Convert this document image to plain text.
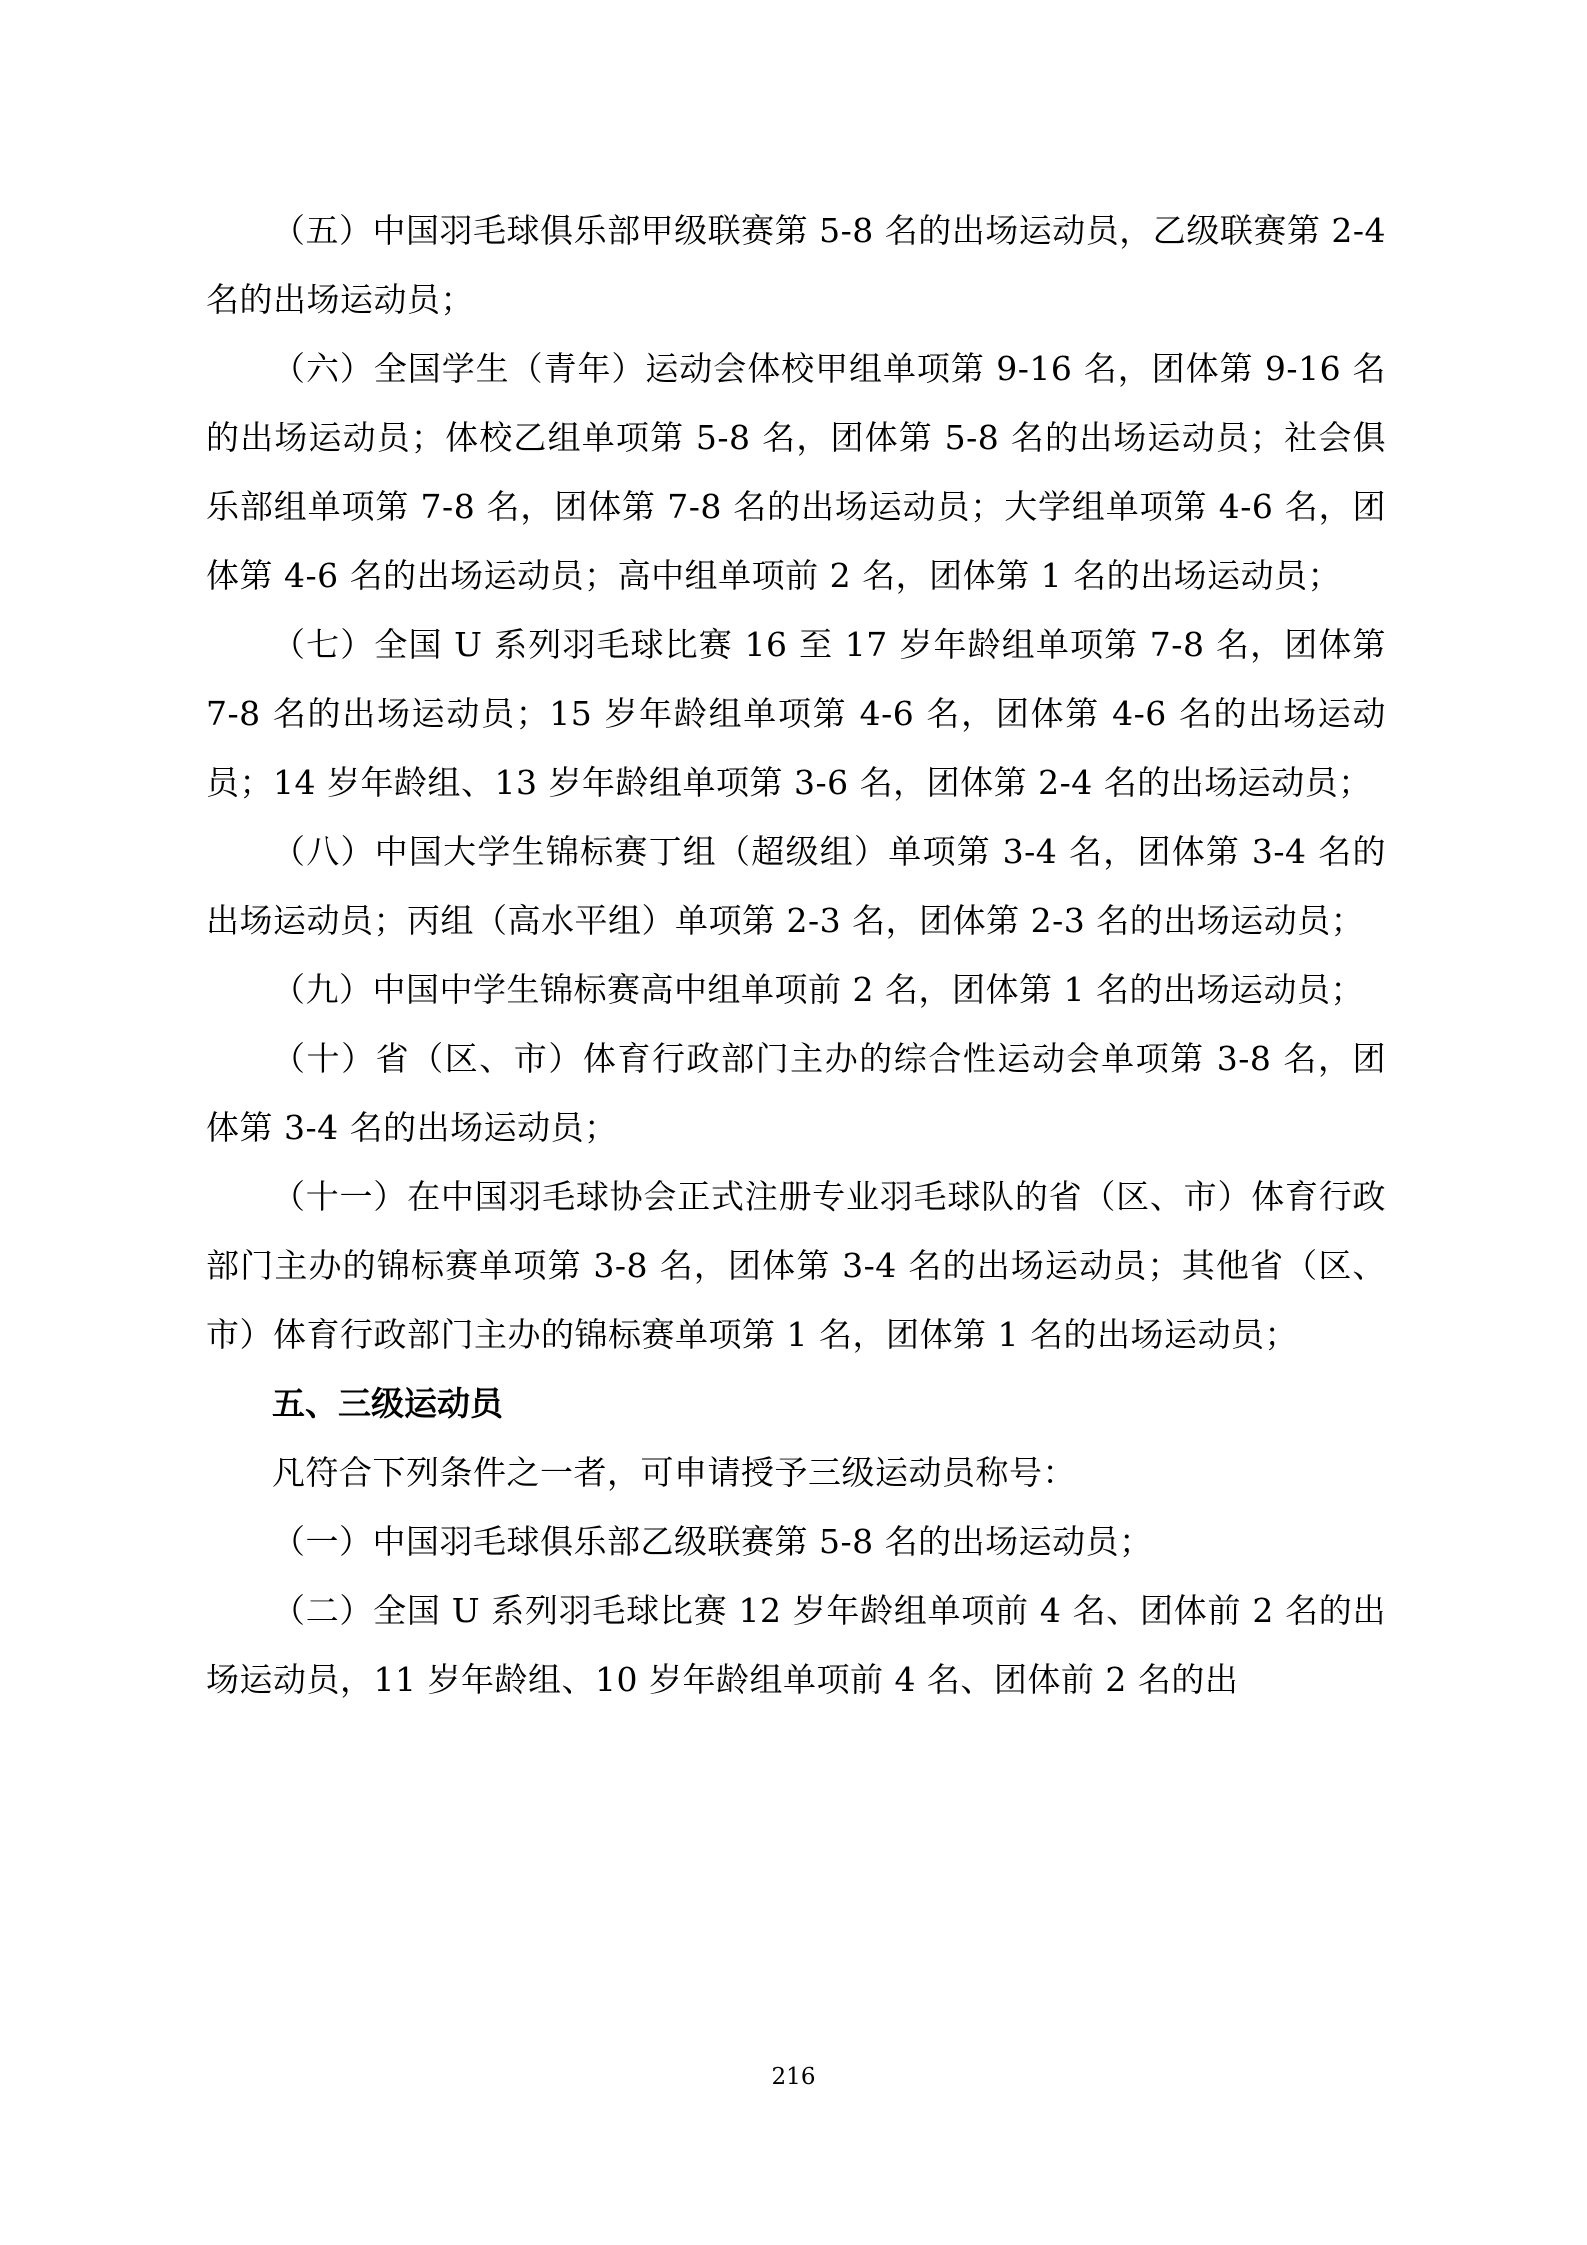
（五）中国羽毛球俱乐部甲级联赛第 5-8 名的出场运动员，乙级联赛第 2-4 名的出场运动员；

（六）全国学生（青年）运动会体校甲组单项第 9-16 名，团体第 9-16 名的出场运动员；体校乙组单项第 5-8 名，团体第 5-8 名的出场运动员；社会俱乐部组单项第 7-8 名，团体第 7-8 名的出场运动员；大学组单项第 4-6 名，团体第 4-6 名的出场运动员；高中组单项前 2 名，团体第 1 名的出场运动员；

（七）全国 U 系列羽毛球比赛 16 至 17 岁年龄组单项第 7-8 名，团体第 7-8 名的出场运动员；15 岁年龄组单项第 4-6 名，团体第 4-6 名的出场运动员；14 岁年龄组、13 岁年龄组单项第 3-6 名，团体第 2-4 名的出场运动员；

（八）中国大学生锦标赛丁组（超级组）单项第 3-4 名，团体第 3-4 名的出场运动员；丙组（高水平组）单项第 2-3 名，团体第 2-3 名的出场运动员；

（九）中国中学生锦标赛高中组单项前 2 名，团体第 1 名的出场运动员；

（十）省（区、市）体育行政部门主办的综合性运动会单项第 3-8 名，团体第 3-4 名的出场运动员；

（十一）在中国羽毛球协会正式注册专业羽毛球队的省（区、市）体育行政部门主办的锦标赛单项第 3-8 名，团体第 3-4 名的出场运动员；其他省（区、市）体育行政部门主办的锦标赛单项第 1 名，团体第 1 名的出场运动员；

五、三级运动员

凡符合下列条件之一者，可申请授予三级运动员称号：

（一）中国羽毛球俱乐部乙级联赛第 5-8 名的出场运动员；

（二）全国 U 系列羽毛球比赛 12 岁年龄组单项前 4 名、团体前 2 名的出场运动员，11 岁年龄组、10 岁年龄组单项前 4 名、团体前 2 名的出

216
